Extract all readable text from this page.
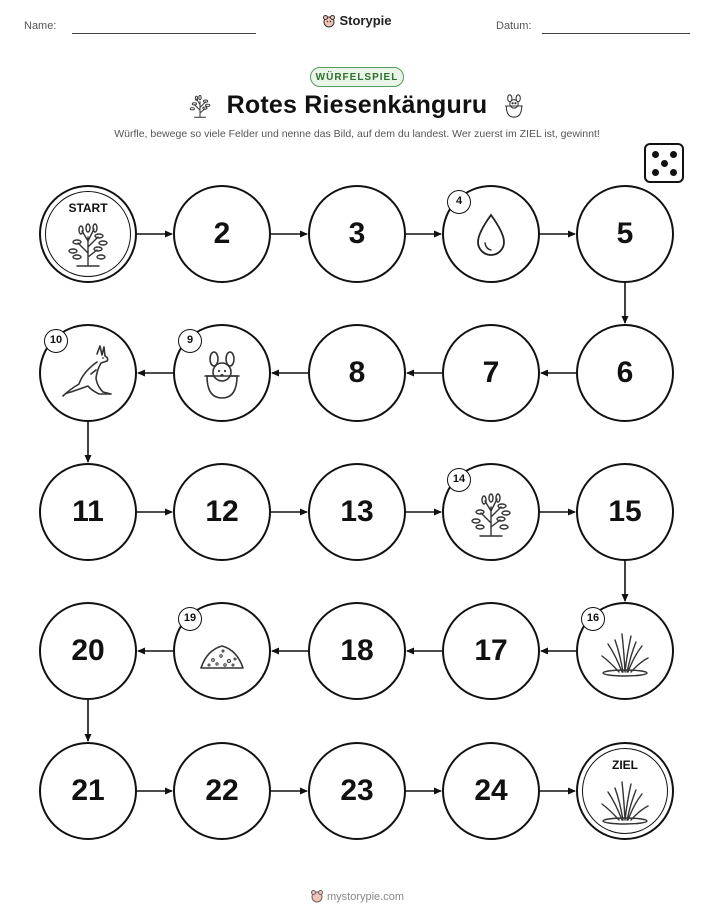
Name:	Storypie	Datum:
WÜRFELSPIEL
Rotes Riesenkänguru
Würfle, bewege so viele Felder und nenne das Bild, auf dem du landest. Wer zuerst im ZIEL ist, gewinnt!
START
2	3
4
5
6
7
8
9
10
11	12	13
14
15
16
17
18
19
20
21	22	23	24
ZIEL
mystorypie.com
